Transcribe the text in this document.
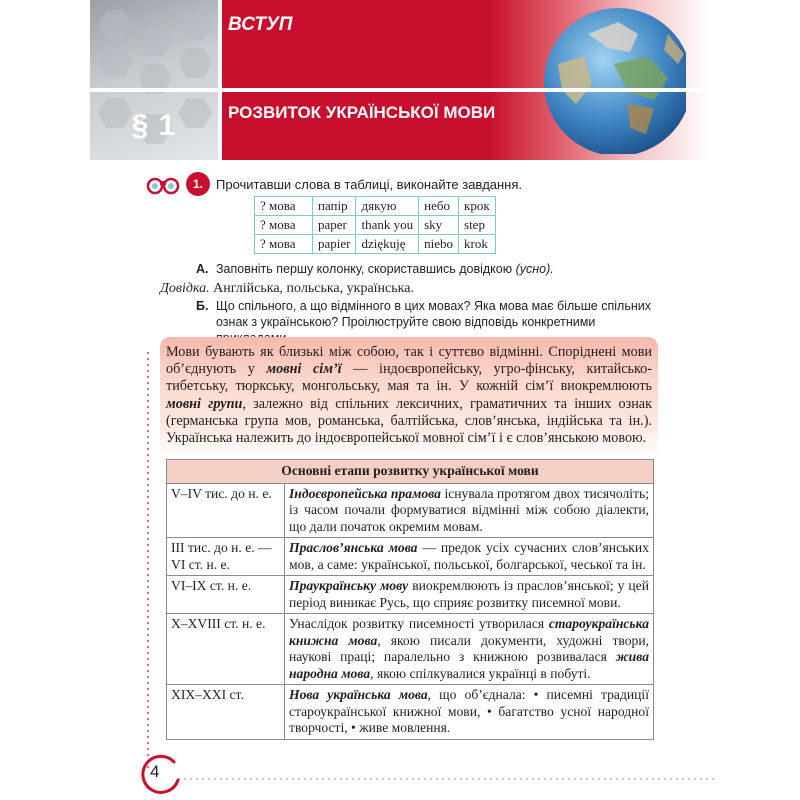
ВСТУП
§ 1	РОЗВИТОК УКРАЇНСЬКОЇ МОВИ
1.	Прочитавши слова в таблиці, виконайте завдання.
? мова	папір	дякую	небо	крок
? мова	paper	thank you	sky	step
? мова	papier	dziękuję	niebo	krok
А. Заповніть першу колонку, скориставшись довідкою (усно).
Довідка. Англійська, польська, українська.
Б. Що спільного, а що відмінного в цих мовах? Яка мова має більше спільних ознак з українською? Проілюструйте свою відповідь конкретними
Мови бувають як близькі між собою, так і суттєво відмінні. Споріднені мови об’єднують у мовні сім’ї — індоєвропейську, угро-фінську, китайсько-тибетську, тюркську, монгольську, мая та ін. У кожній сім’ї виокремлюють мовні групи, залежно від спільних лексичних, граматичних та інших ознак (германська група мов, романська, балтійська, слов’янська, індійська та ін.). Українська належить до індоєвропейської мовної сім’ї і є слов’янською мовою.
Основні етапи розвитку української мови	
V–IV тис. до н. е.	Індоєвропейська прамова існувала протягом двох тисячоліть; із часом почали формуватися відмінні між собою діалекти, що дали початок окремим мовам.
III тис. до н. е. — VI ст. н. е.	Праслов’янська мова — предок усіх сучасних слов’янських мов, а саме: української, польської, болгарської, чеської та ін.
VI–IX ст. н. е.	Праукраїнську мову виокремлюють із праслов’янської; у цей період виникає Русь, що сприяє розвитку писемної мови.
X–XVIII ст. н. е.	Унаслідок розвитку писемності утворилася староукраїнська книжна мова, якою писали документи, художні твори, наукові праці; паралельно з книжною розвивалася жива народна мова, якою спілкувалися українці в побуті.
XIX–XXI ст.	Нова українська мова, що об’єднала: • писемні традиції староукраїнської книжної мови, • багатство усної народної творчості, • живе мовлення.
4
